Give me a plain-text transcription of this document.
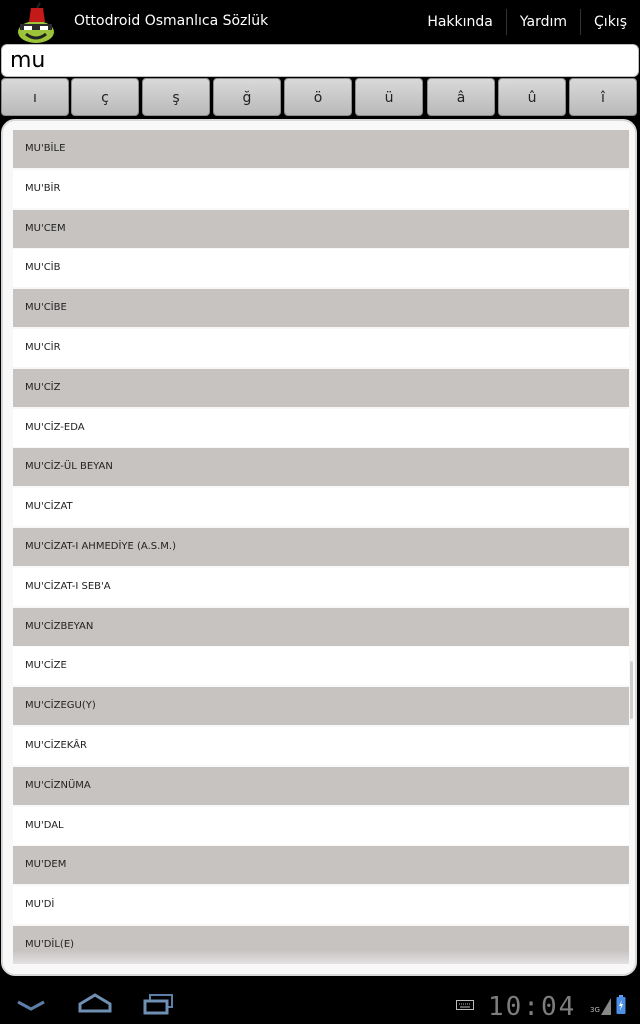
Ottodroid Osmanlıca Sözlük	Hakkında	Yardım	Çıkış
mu
ı	ç	ş	ğ	ö	ü	â	û	î
MU'BİLE
MU'BİR
MU'CEM
MU'CİB
MU'CİBE
MU'CİR
MU'CİZ
MU'CİZ-EDA
MU'CİZ-ÜL BEYAN
MU'CİZAT
MU'CİZAT-I AHMEDİYE (A.S.M.)
MU'CİZAT-I SEB'A
MU'CİZBEYAN
MU'CİZE
MU'CİZEGU(Y)
MU'CİZEKÂR
MU'CİZNÜMA
MU'DAL
MU'DEM
MU'Dİ
MU'DİL(E)
10:04 3G
